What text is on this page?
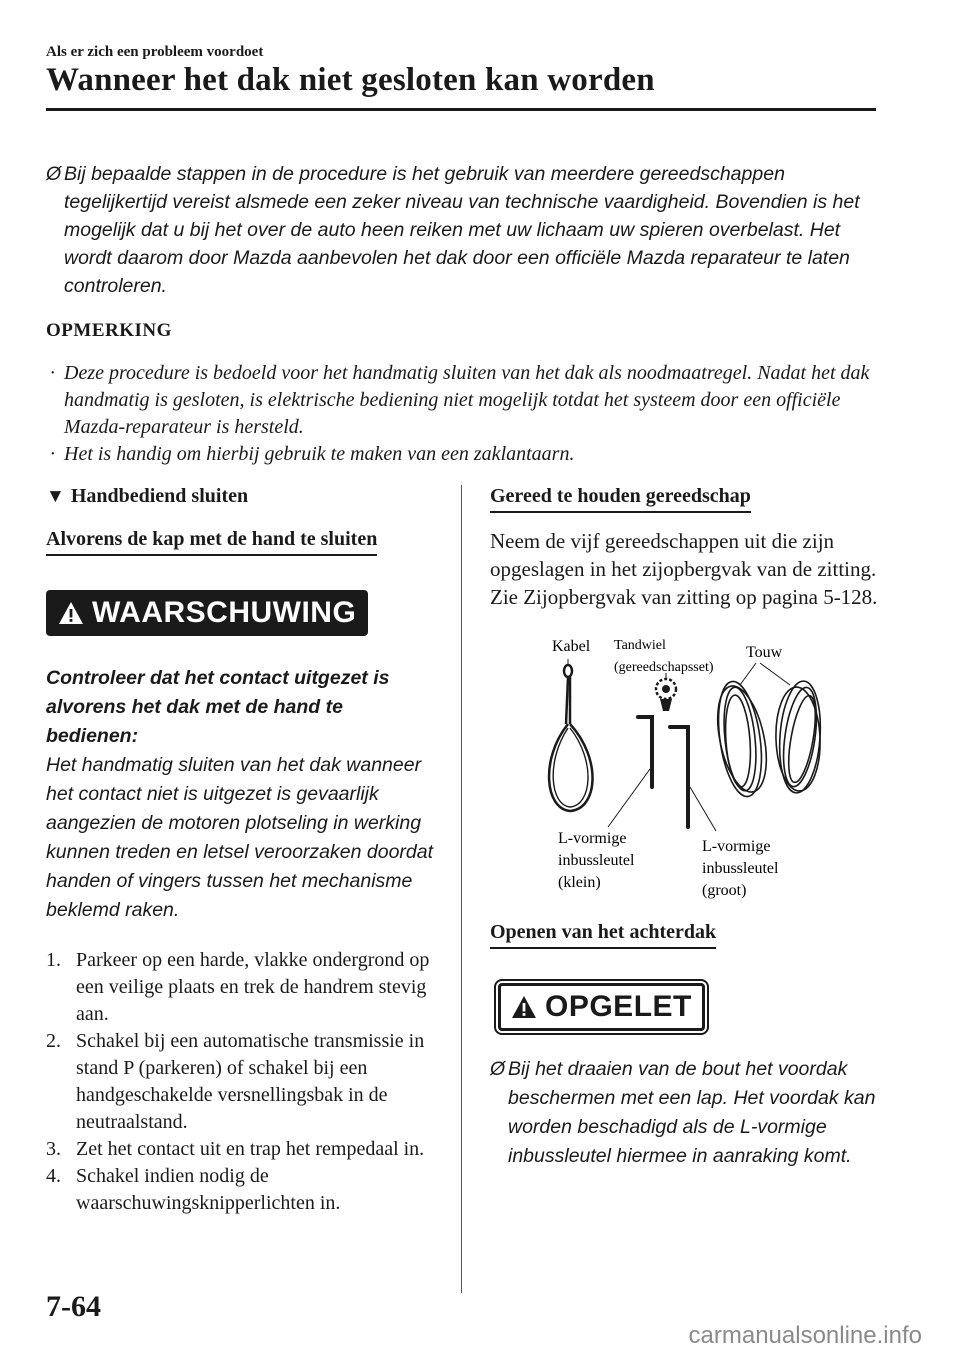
Als er zich een probleem voordoet
Wanneer het dak niet gesloten kan worden
Ø Bij bepaalde stappen in de procedure is het gebruik van meerdere gereedschappen tegelijkertijd vereist alsmede een zeker niveau van technische vaardigheid. Bovendien is het mogelijk dat u bij het over de auto heen reiken met uw lichaam uw spieren overbelast. Het wordt daarom door Mazda aanbevolen het dak door een officiële Mazda reparateur te laten controleren.
OPMERKING
· Deze procedure is bedoeld voor het handmatig sluiten van het dak als noodmaatregel. Nadat het dak handmatig is gesloten, is elektrische bediening niet mogelijk totdat het systeem door een officiële Mazda-reparateur is hersteld.
· Het is handig om hierbij gebruik te maken van een zaklantaarn.
▼ Handbediend sluiten
Alvorens de kap met de hand te sluiten
WAARSCHUWING
Controleer dat het contact uitgezet is alvorens het dak met de hand te bedienen:
Het handmatig sluiten van het dak wanneer het contact niet is uitgezet is gevaarlijk aangezien de motoren plotseling in werking kunnen treden en letsel veroorzaken doordat handen of vingers tussen het mechanisme beklemd raken.
1. Parkeer op een harde, vlakke ondergrond op een veilige plaats en trek de handrem stevig aan.
2. Schakel bij een automatische transmissie in stand P (parkeren) of schakel bij een handgeschakelde versnellingsbak in de neutraalstand.
3. Zet het contact uit en trap het rempedaal in.
4. Schakel indien nodig de waarschuwingsknipperlichten in.
Gereed te houden gereedschap
Neem de vijf gereedschappen uit die zijn opgeslagen in het zijopbergvak van de zitting.
Zie Zijopbergvak van zitting op pagina 5-128.
Kabel Tandwiel
(gereedschapsset)
Touw
L-vormige
inbussleutel
(klein)
L-vormige
inbussleutel
(groot)
Openen van het achterdak
OPGELET
Ø Bij het draaien van de bout het voordak beschermen met een lap. Het voordak kan worden beschadigd als de L-vormige inbussleutel hiermee in aanraking komt.
7-64
carmanualsonline.info
